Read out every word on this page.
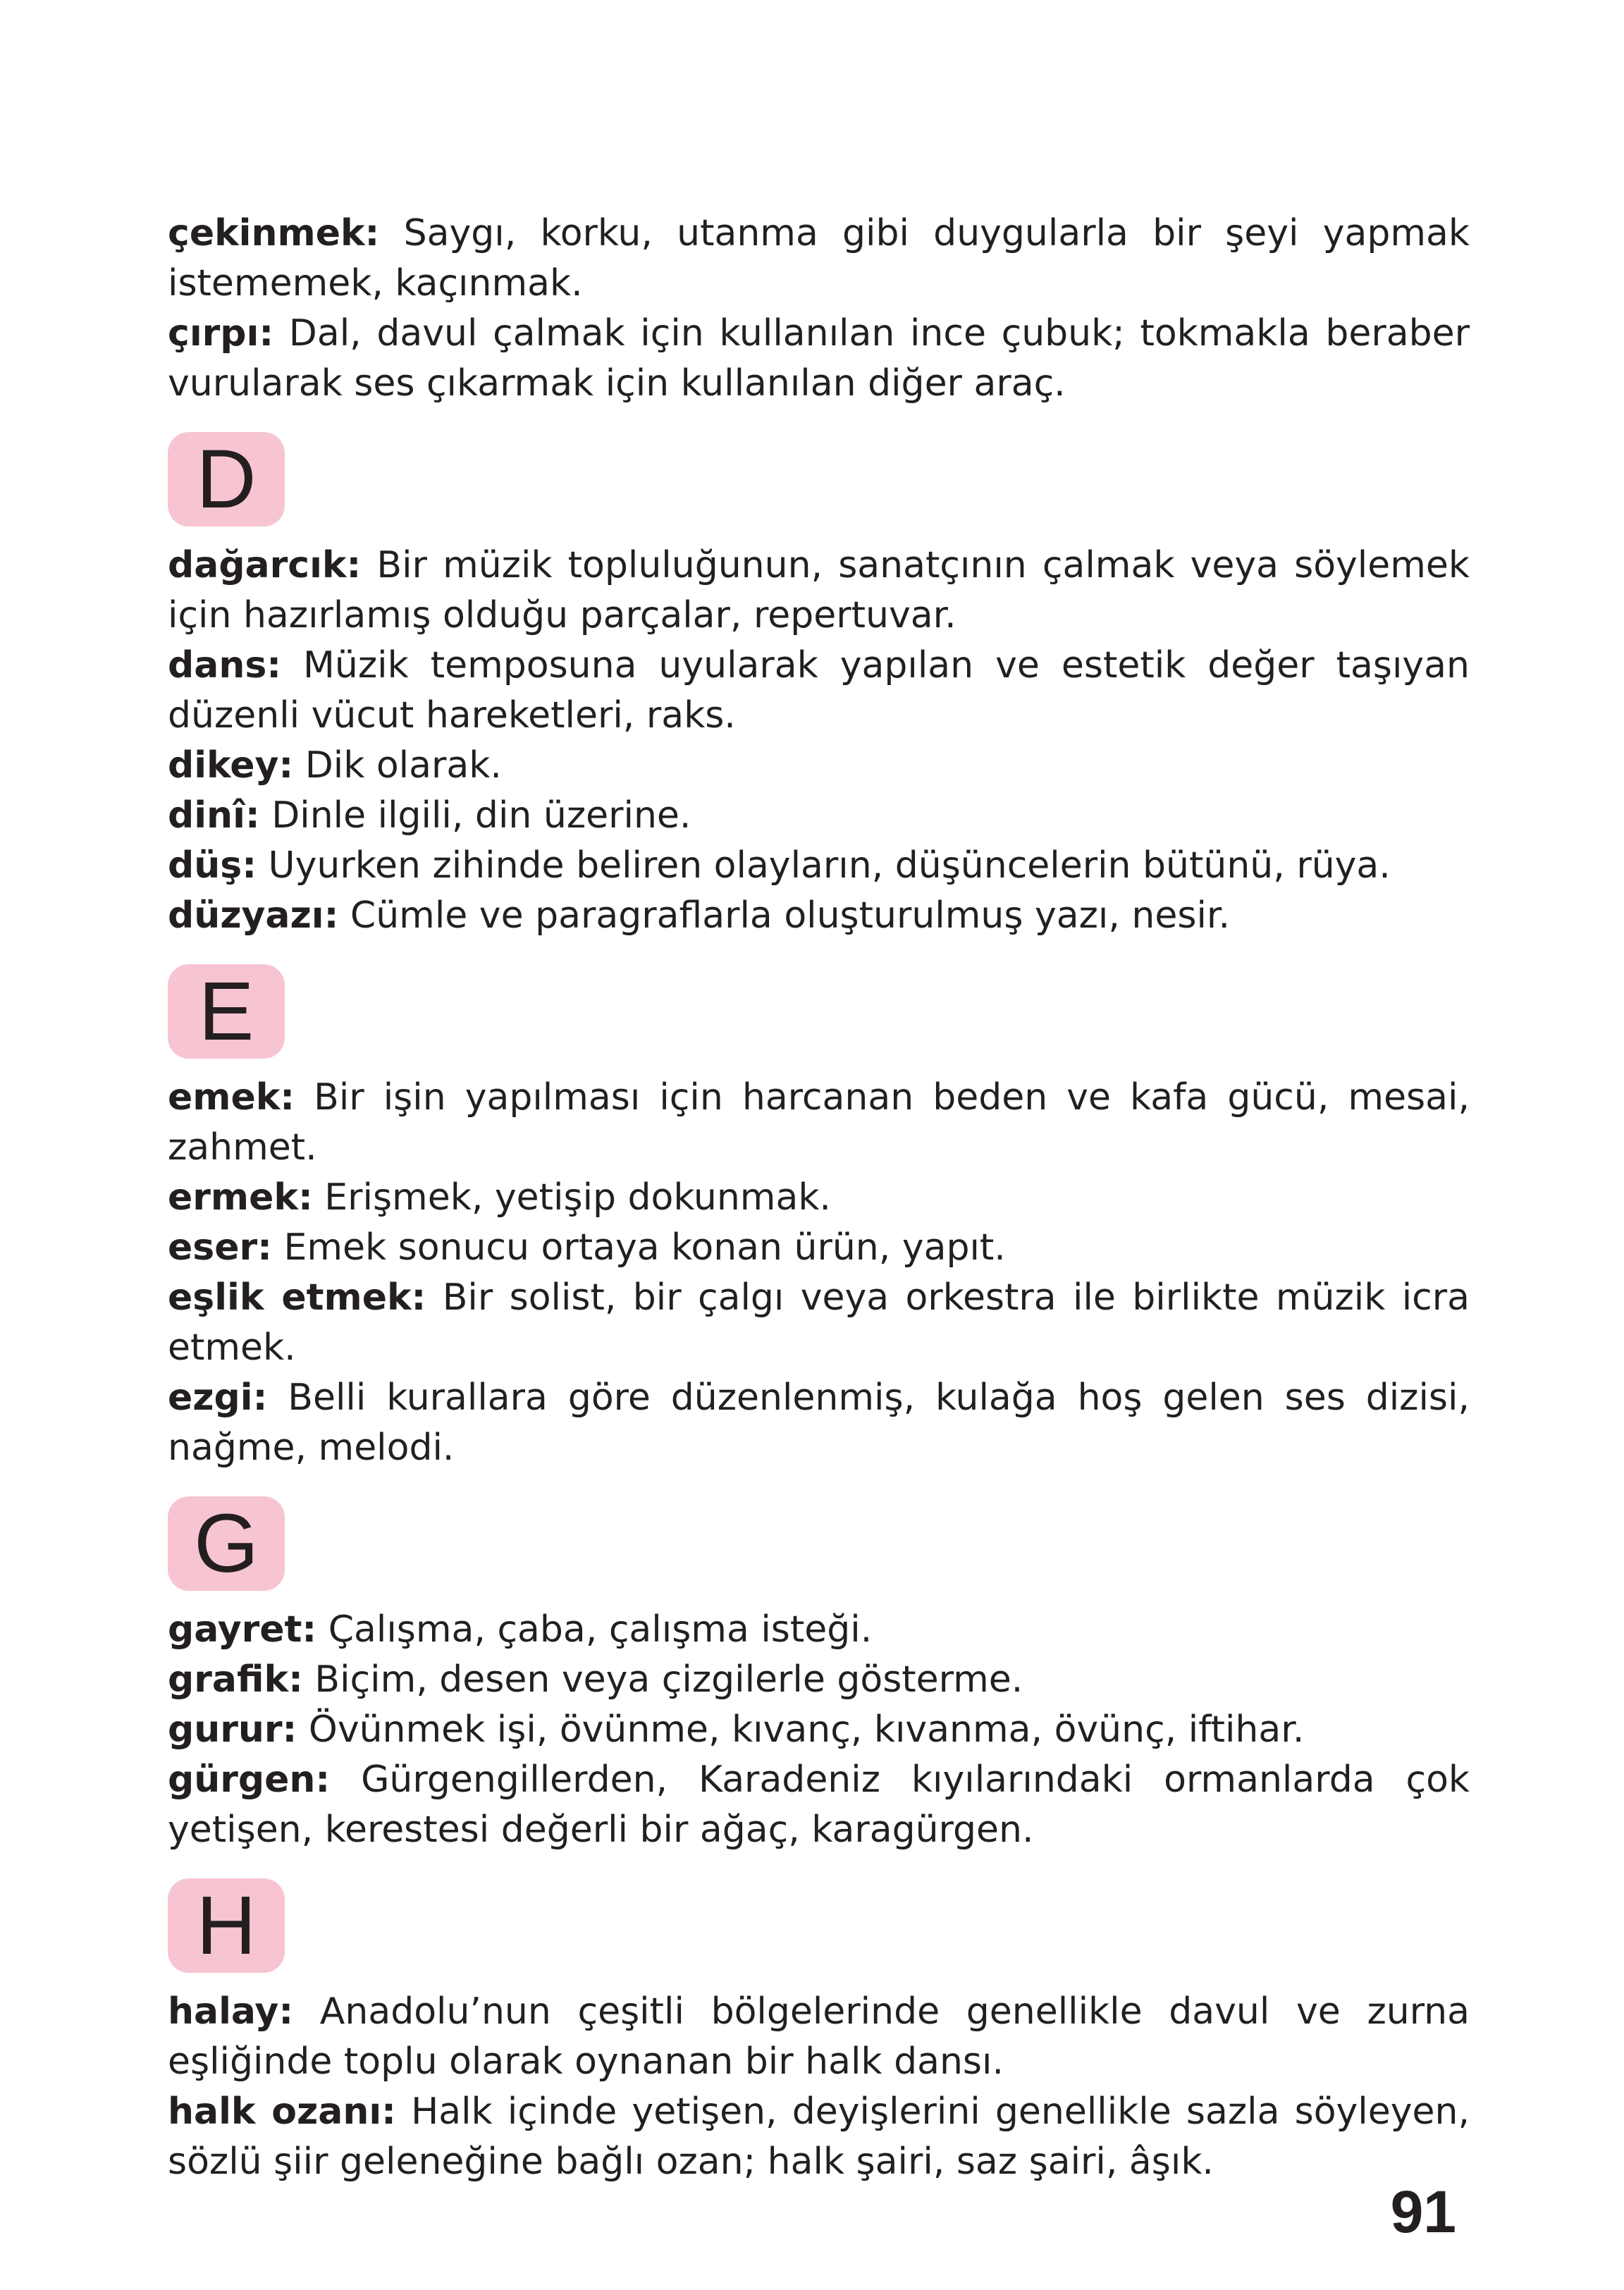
çekinmek: Saygı, korku, utanma gibi duygularla bir şeyi yapmak istememek, kaçınmak.

çırpı: Dal, davul çalmak için kullanılan ince çubuk; tokmakla beraber vurularak ses çıkarmak için kullanılan diğer araç.

D

dağarcık: Bir müzik topluluğunun, sanatçının çalmak veya söylemek için hazırlamış olduğu parçalar, repertuvar.

dans: Müzik temposuna uyularak yapılan ve estetik değer taşıyan düzenli vücut hareketleri, raks.

dikey: Dik olarak.

dinî: Dinle ilgili, din üzerine.

düş: Uyurken zihinde beliren olayların, düşüncelerin bütünü, rüya.

düzyazı: Cümle ve paragraflarla oluşturulmuş yazı, nesir.

E

emek: Bir işin yapılması için harcanan beden ve kafa gücü, mesai, zahmet.

ermek: Erişmek, yetişip dokunmak.

eser: Emek sonucu ortaya konan ürün, yapıt.

eşlik etmek: Bir solist, bir çalgı veya orkestra ile birlikte müzik icra etmek.

ezgi: Belli kurallara göre düzenlenmiş, kulağa hoş gelen ses dizisi, nağme, melodi.

G

gayret: Çalışma, çaba, çalışma isteği.

grafik: Biçim, desen veya çizgilerle gösterme.

gurur: Övünmek işi, övünme, kıvanç, kıvanma, övünç, iftihar.

gürgen: Gürgengillerden, Karadeniz kıyılarındaki ormanlarda çok yetişen, kerestesi değerli bir ağaç, karagürgen.

H

halay: Anadolu’nun çeşitli bölgelerinde genellikle davul ve zurna eşliğinde toplu olarak oynanan bir halk dansı.

halk ozanı: Halk içinde yetişen, deyişlerini genellikle sazla söyleyen, sözlü şiir geleneğine bağlı ozan; halk şairi, saz şairi, âşık.

91
